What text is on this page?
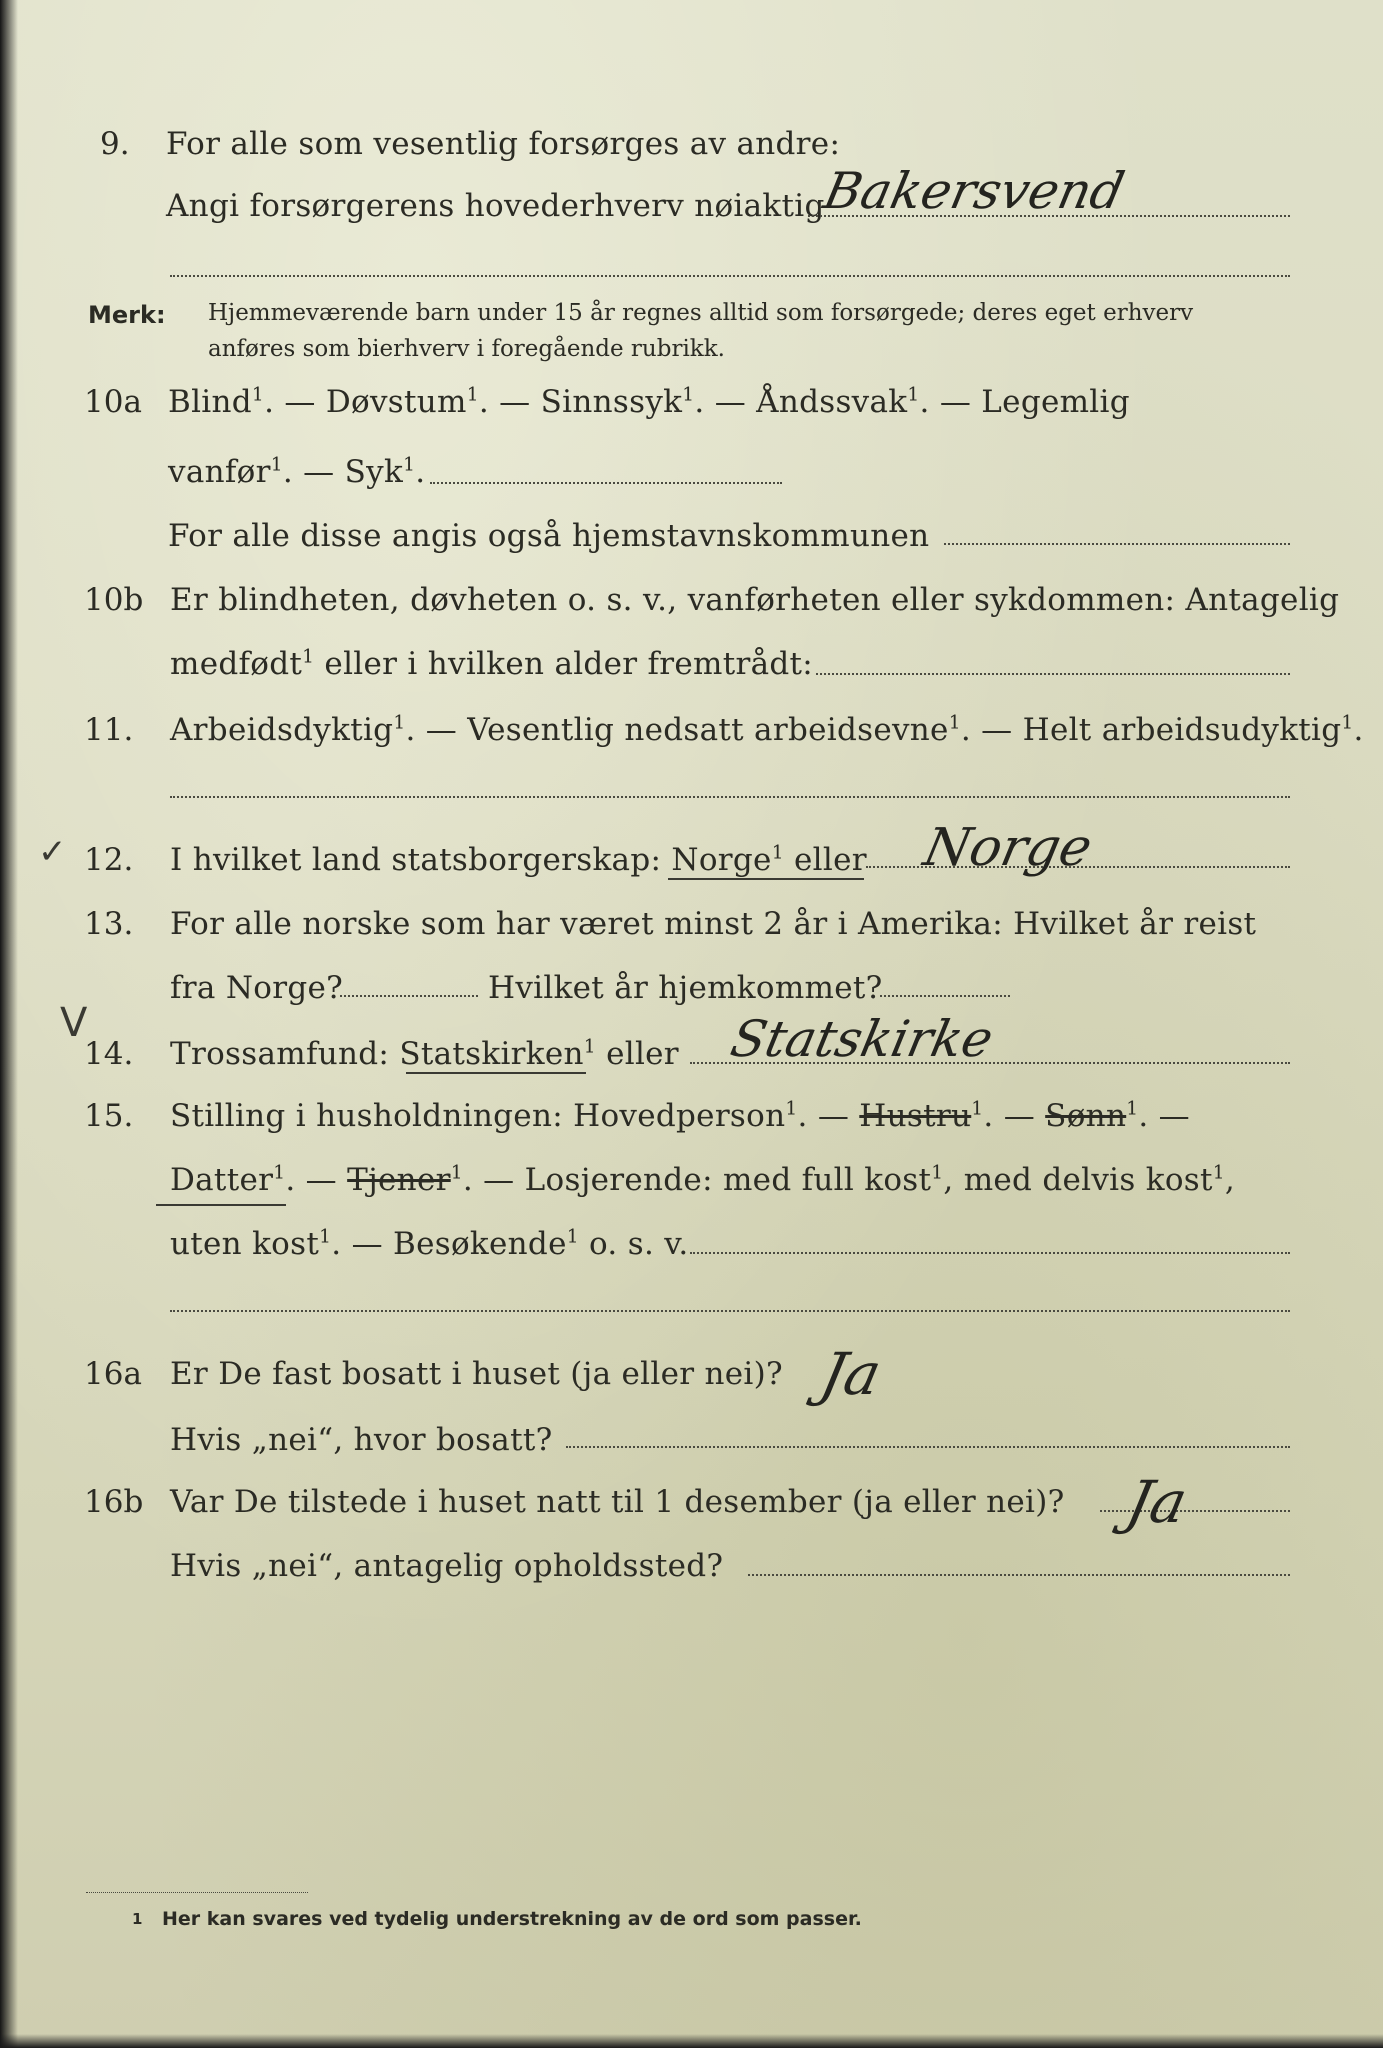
9. For alle som vesentlig forsørges av andre:
Angi forsørgerens hovederhverv nøiaktig
Bakersvend
Merk: Hjemmeværende barn under 15 år regnes alltid som forsørgede; deres eget erhverv
anføres som bierhverv i foregående rubrikk.
10a Blind$^1$. — Døvstum$^1$. — Sinnssyk$^1$. — Åndssvak$^1$. — Legemlig
vanfør$^1$. — Syk$^1$.
For alle disse angis også hjemstavnskommunen
10b Er blindheten, døvheten o. s. v., vanførheten eller sykdommen: Antagelig
medfødt$^1$ eller i hvilken alder fremtrådt:
11. Arbeidsdyktig$^1$. — Vesentlig nedsatt arbeidsevne$^1$. — Helt arbeidsudyktig$^1$.
✓ 12. I hvilket land statsborgerskap: Norge$^1$ eller Norge
13. For alle norske som har været minst 2 år i Amerika: Hvilket år reist
fra Norge?	Hvilket år hjemkommet?
V
14. Trossamfund: Statskirken$^1$ eller Statskirke
15. Stilling i husholdningen: Hovedperson$^1$. — Hustru$^1$. — Sønn$^1$. —
Datter$^1$. — Tjener$^1$. — Losjerende: med full kost$^1$, med delvis kost$^1$,
uten kost$^1$. — Besøkende$^1$ o. s. v.
16a Er De fast bosatt i huset (ja eller nei)? Ja
Hvis „nei“, hvor bosatt?
16b Var De tilstede i huset natt til 1 desember (ja eller nei)? Ja
Hvis „nei“, antagelig opholdssted?
1 Her kan svares ved tydelig understrekning av de ord som passer.
